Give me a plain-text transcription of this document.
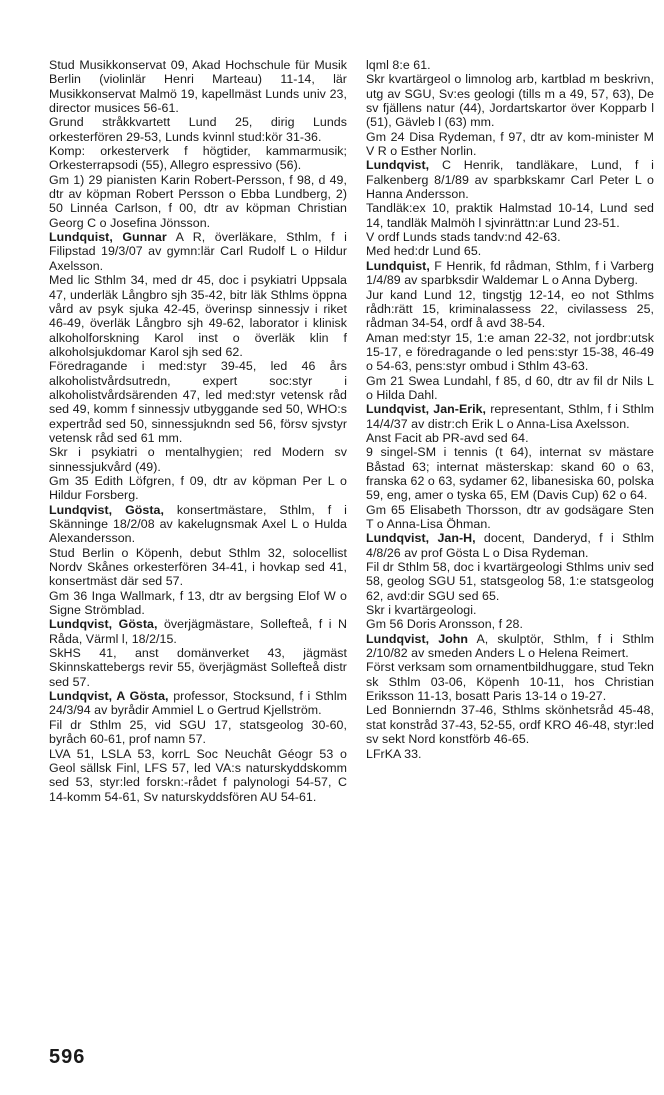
Stud Musikkonservat 09, Akad Hochschule für Musik Berlin (violinlär Henri Marteau) 11-14, lär Musikkonservat Malmö 19, kapellmäst Lunds univ 23, director musices 56-61.

Grund stråkkvartett Lund 25, dirig Lunds orkesterfören 29-53, Lunds kvinnl stud:kör 31-36.

Komp: orkesterverk f högtider, kammarmusik; Orkesterrapsodi (55), Allegro espressivo (56).

Gm 1) 29 pianisten Karin Robert-Persson, f 98, d 49, dtr av köpman Robert Persson o Ebba Lundberg, 2) 50 Linnéa Carlson, f 00, dtr av köpman Christian Georg C o Josefina Jönsson.

Lundquist, Gunnar A R, överläkare, Sthlm, f i Filipstad 19/3/07 av gymn:lär Carl Rudolf L o Hildur Axelsson.

Med lic Sthlm 34, med dr 45, doc i psykiatri Uppsala 47, underläk Långbro sjh 35-42, bitr läk Sthlms öppna vård av psyk sjuka 42-45, överinsp sinnessjv i riket 46-49, överläk Långbro sjh 49-62, laborator i klinisk alkoholforskning Karol inst o överläk klin f alkoholsjukdomar Karol sjh sed 62.

Föredragande i med:styr 39-45, led 46 års alkoholistvårdsutredn, expert soc:styr i alkoholistvårdsärenden 47, led med:styr vetensk råd sed 49, komm f sinnessjv utbyggande sed 50, WHO:s expertråd sed 50, sinnessjukndn sed 56, försv sjvstyr vetensk råd sed 61 mm.

Skr i psykiatri o mentalhygien; red Modern sv sinnessjukvård (49).

Gm 35 Edith Löfgren, f 09, dtr av köpman Per L o Hildur Forsberg.

Lundqvist, Gösta, konsertmästare, Sthlm, f i Skänninge 18/2/08 av kakelugnsmak Axel L o Hulda Alexandersson.

Stud Berlin o Köpenh, debut Sthlm 32, solocellist Nordv Skånes orkesterfören 34-41, i hovkap sed 41, konsertmäst där sed 57.

Gm 36 Inga Wallmark, f 13, dtr av bergsing Elof W o Signe Strömblad.

Lundqvist, Gösta, överjägmästare, Sollefteå, f i N Råda, Värml l, 18/2/15.

SkHS 41, anst domänverket 43, jägmäst Skinnskattebergs revir 55, överjägmäst Sollefteå distr sed 57.

Lundqvist, A Gösta, professor, Stocksund, f i Sthlm 24/3/94 av byrådir Ammiel L o Gertrud Kjellström.

Fil dr Sthlm 25, vid SGU 17, statsgeolog 30-60, byråch 60-61, prof namn 57.

LVA 51, LSLA 53, korrL Soc Neuchât Géogr 53 o Geol sällsk Finl, LFS 57, led VA:s naturskyddskomm sed 53, styr:led forskn:-rådet f palynologi 54-57, C 14-komm 54-61, Sv naturskyddsfören AU 54-61.

lqml 8:e 61.

Skr kvartärgeol o limnolog arb, kartblad m beskrivn, utg av SGU, Sv:es geologi (tills m a 49, 57, 63), De sv fjällens natur (44), Jordartskartor över Kopparb l (51), Gävleb l (63) mm.

Gm 24 Disa Rydeman, f 97, dtr av kom-minister M V R o Esther Norlin.

Lundqvist, C Henrik, tandläkare, Lund, f i Falkenberg 8/1/89 av sparbkskamr Carl Peter L o Hanna Andersson.

Tandläk:ex 10, praktik Halmstad 10-14, Lund sed 14, tandläk Malmöh l sjvinrättn:ar Lund 23-51.

V ordf Lunds stads tandv:nd 42-63.

Med hed:dr Lund 65.

Lundquist, F Henrik, fd rådman, Sthlm, f i Varberg 1/4/89 av sparbksdir Waldemar L o Anna Dyberg.

Jur kand Lund 12, tingstjg 12-14, eo not Sthlms rådh:rätt 15, kriminalassess 22, civilassess 25, rådman 34-54, ordf å avd 38-54.

Aman med:styr 15, 1:e aman 22-32, not jordbr:utsk 15-17, e föredragande o led pens:styr 15-38, 46-49 o 54-63, pens:styr ombud i Sthlm 43-63.

Gm 21 Swea Lundahl, f 85, d 60, dtr av fil dr Nils L o Hilda Dahl.

Lundqvist, Jan-Erik, representant, Sthlm, f i Sthlm 14/4/37 av distr:ch Erik L o Anna-Lisa Axelsson.

Anst Facit ab PR-avd sed 64.

9 singel-SM i tennis (t 64), internat sv mästare Båstad 63; internat mästerskap: skand 60 o 63, franska 62 o 63, sydamer 62, libanesiska 60, polska 59, eng, amer o tyska 65, EM (Davis Cup) 62 o 64.

Gm 65 Elisabeth Thorsson, dtr av godsägare Sten T o Anna-Lisa Öhman.

Lundqvist, Jan-H, docent, Danderyd, f i Sthlm 4/8/26 av prof Gösta L o Disa Rydeman.

Fil dr Sthlm 58, doc i kvartärgeologi Sthlms univ sed 58, geolog SGU 51, statsgeolog 58, 1:e statsgeolog 62, avd:dir SGU sed 65.

Skr i kvartärgeologi.

Gm 56 Doris Aronsson, f 28.

Lundqvist, John A, skulptör, Sthlm, f i Sthlm 2/10/82 av smeden Anders L o Helena Reimert.

Först verksam som ornamentbildhuggare, stud Tekn sk Sthlm 03-06, Köpenh 10-11, hos Christian Eriksson 11-13, bosatt Paris 13-14 o 19-27.

Led Bonnierndn 37-46, Sthlms skönhetsråd 45-48, stat konstråd 37-43, 52-55, ordf KRO 46-48, styr:led sv sekt Nord konstförb 46-65.

LFrKA 33.

596
